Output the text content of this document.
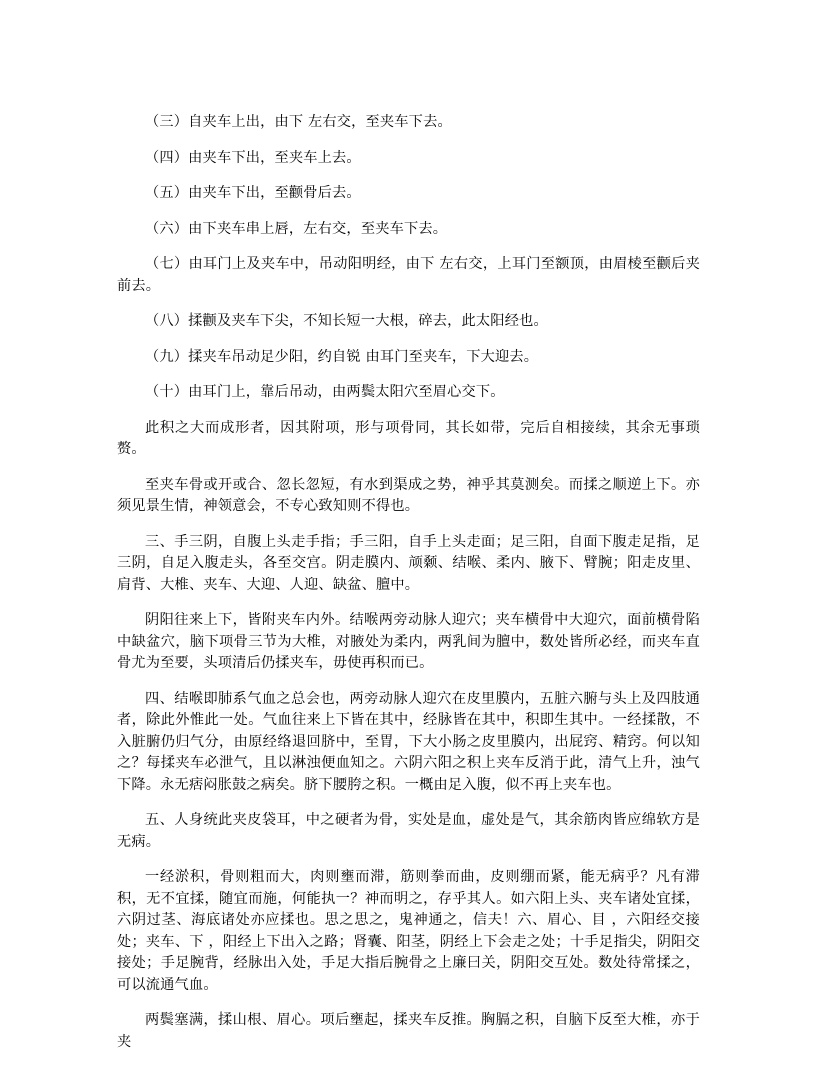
（三）自夹车上出，由下 左右交，至夹车下去。

（四）由夹车下出，至夹车上去。

（五）由夹车下出，至颧骨后去。

（六）由下夹车串上唇，左右交，至夹车下去。

（七）由耳门上及夹车中，吊动阳明经，由下 左右交，上耳门至额顶，由眉棱至颧后夹前去。

（八）揉颧及夹车下尖，不知长短一大根，碎去，此太阳经也。

（九）揉夹车吊动足少阳，约自锐 由耳门至夹车，下大迎去。

（十）由耳门上，靠后吊动，由两鬓太阳穴至眉心交下。

此积之大而成形者，因其附项，形与项骨同，其长如带，完后自相接续，其余无事琐赘。

至夹车骨或开或合、忽长忽短，有水到渠成之势，神乎其莫测矣。而揉之顺逆上下。亦须见景生情，神领意会，不专心致知则不得也。

三、手三阴，自腹上头走手指；手三阳，自手上头走面；足三阳，自面下腹走足指，足三阴，自足入腹走头，各至交宫。阴走膜内、颃颡、结喉、柔内、腋下、臂腕；阳走皮里、肩背、大椎、夹车、大迎、人迎、缺盆、膻中。

阴阳往来上下，皆附夹车内外。结喉两旁动脉人迎穴；夹车横骨中大迎穴，面前横骨陷中缺盆穴，脑下项骨三节为大椎，对腋处为柔内，两乳间为膻中，数处皆所必经，而夹车直骨尤为至要，头项清后仍揉夹车，毋使再积而已。

四、结喉即肺系气血之总会也，两旁动脉人迎穴在皮里膜内，五脏六腑与头上及四肢通者，除此外惟此一处。气血往来上下皆在其中，经脉皆在其中，积即生其中。一经揉散，不入脏腑仍归气分，由原经络退回脐中，至胃，下大小肠之皮里膜内，出屁窍、精窍。何以知之？每揉夹车必泄气，且以淋浊便血知之。六阴六阳之积上夹车反消于此，清气上升，浊气下降。永无痞闷胀鼓之病矣。脐下腰胯之积。一概由足入腹，似不再上夹车也。

五、人身统此夹皮袋耳，中之硬者为骨，实处是血，虚处是气，其余筋肉皆应绵软方是无病。

一经淤积，骨则粗而大，肉则壅而滞，筋则拳而曲，皮则绷而紧，能无病乎？凡有滞积，无不宜揉，随宜而施，何能执一？神而明之，存乎其人。如六阳上头、夹车诸处宜揉，六阴过茎、海底诸处亦应揉也。思之思之，鬼神通之，信夫！六、眉心、目 ，六阳经交接处；夹车、下 ，阳经上下出入之路；肾囊、阳茎，阴经上下会走之处；十手足指尖，阴阳交接处；手足腕背，经脉出入处，手足大指后腕骨之上廉曰关，阴阳交互处。数处待常揉之，可以流通气血。

两鬓塞满，揉山根、眉心。项后壅起，揉夹车反推。胸膈之积，自脑下反至大椎，亦于夹
